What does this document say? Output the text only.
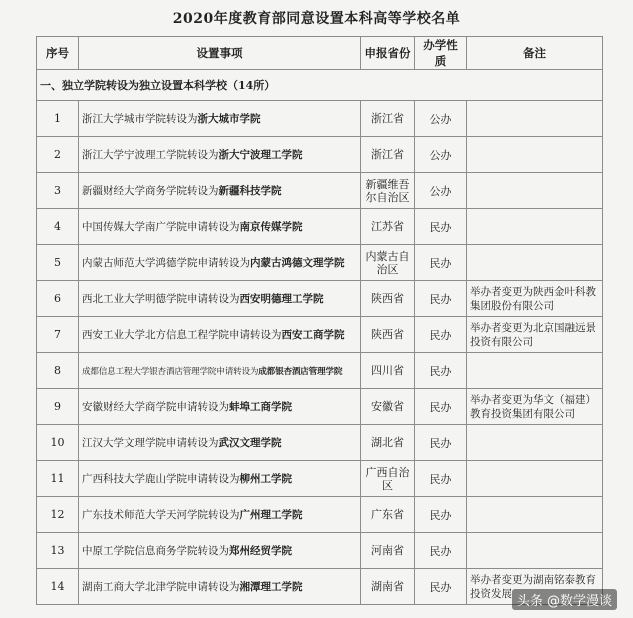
2020年度教育部同意设置本科高等学校名单
序号	设置事项	申报省份	办学性质	备注
一、独立学院转设为独立设置本科学校（14所）				
1	浙江大学城市学院转设为浙大城市学院	浙江省	公办	
2	浙江大学宁波理工学院转设为浙大宁波理工学院	浙江省	公办	
3	新疆财经大学商务学院转设为新疆科技学院	新疆维吾尔自治区	公办	
4	中国传媒大学南广学院申请转设为南京传媒学院	江苏省	民办	
5	内蒙古师范大学鸿德学院申请转设为内蒙古鸿德文理学院	内蒙古自治区	民办	
6	西北工业大学明德学院申请转设为西安明德理工学院	陕西省	民办	举办者变更为陕西金叶科教集团股份有限公司
7	西安工业大学北方信息工程学院申请转设为西安工商学院	陕西省	民办	举办者变更为北京国融远景投资有限公司
8	成都信息工程大学银杏酒店管理学院申请转设为成都银杏酒店管理学院	四川省	民办	
9	安徽财经大学商学院申请转设为蚌埠工商学院	安徽省	民办	举办者变更为华文（福建）教育投资集团有限公司
10	江汉大学文理学院申请转设为武汉文理学院	湖北省	民办	
11	广西科技大学鹿山学院申请转设为柳州工学院	广西自治区	民办	
12	广东技术师范大学天河学院转设为广州理工学院	广东省	民办	
13	中原工学院信息商务学院转设为郑州经贸学院	河南省	民办	
14	湖南工商大学北津学院申请转设为湘潭理工学院	湖南省	民办	举办者变更为湖南铭泰教育投资发展
头条 @数学漫谈
